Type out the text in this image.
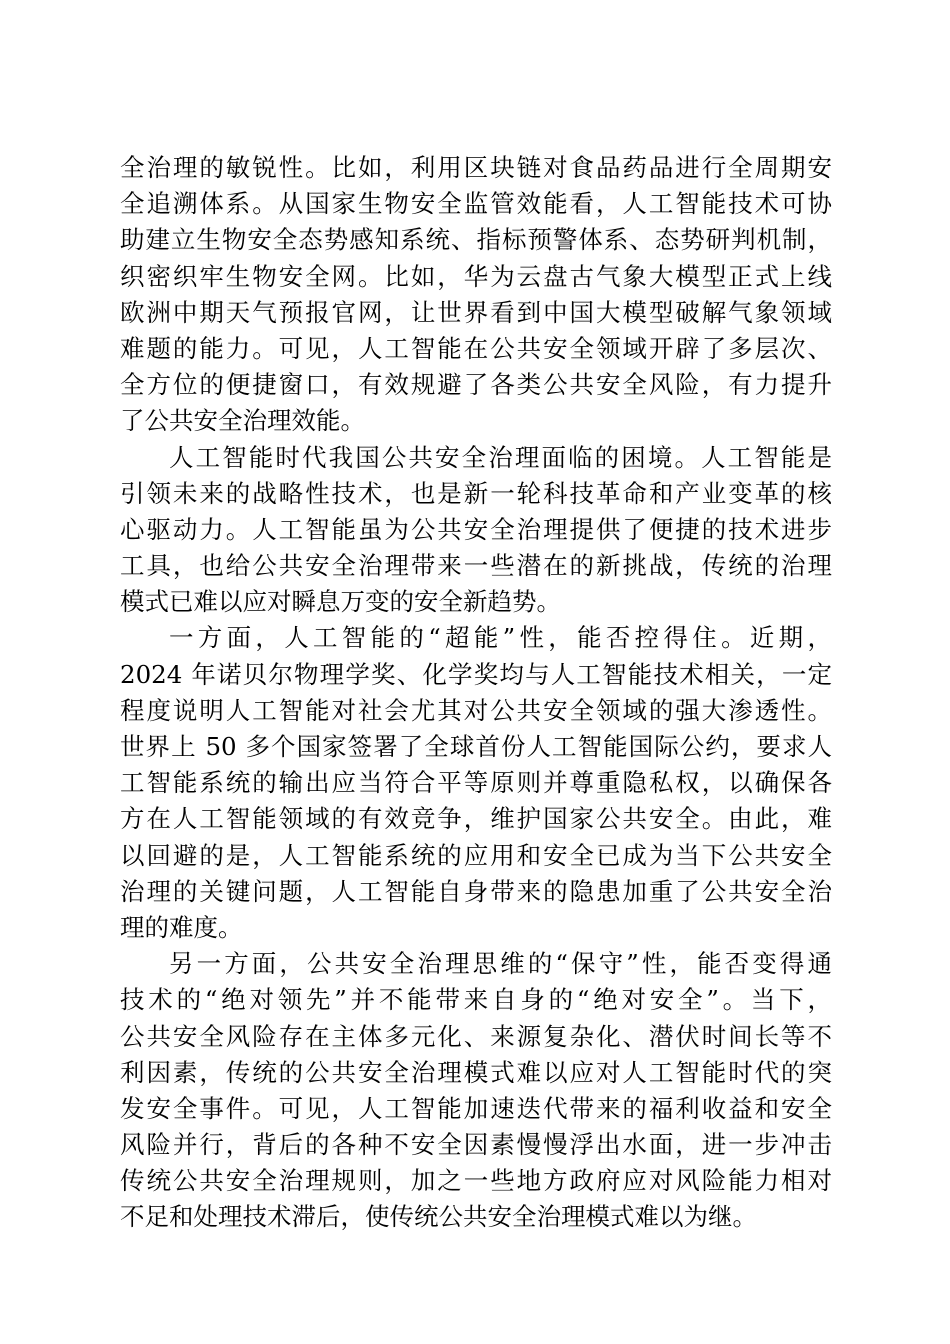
全治理的敏锐性。比如，利用区块链对食品药品进行全周期安
全追溯体系。从国家生物安全监管效能看，人工智能技术可协
助建立生物安全态势感知系统、指标预警体系、态势研判机制，
织密织牢生物安全网。比如，华为云盘古气象大模型正式上线
欧洲中期天气预报官网，让世界看到中国大模型破解气象领域
难题的能力。可见，人工智能在公共安全领域开辟了多层次、
全方位的便捷窗口，有效规避了各类公共安全风险，有力提升
了公共安全治理效能。
人工智能时代我国公共安全治理面临的困境。人工智能是
引领未来的战略性技术，也是新一轮科技革命和产业变革的核
心驱动力。人工智能虽为公共安全治理提供了便捷的技术进步
工具，也给公共安全治理带来一些潜在的新挑战，传统的治理
模式已难以应对瞬息万变的安全新趋势。
一方面，人工智能的“超能”性，能否控得住。近期，
2024 年诺贝尔物理学奖、化学奖均与人工智能技术相关，一定
程度说明人工智能对社会尤其对公共安全领域的强大渗透性。
世界上 50 多个国家签署了全球首份人工智能国际公约，要求人
工智能系统的输出应当符合平等原则并尊重隐私权，以确保各
方在人工智能领域的有效竞争，维护国家公共安全。由此，难
以回避的是，人工智能系统的应用和安全已成为当下公共安全
治理的关键问题，人工智能自身带来的隐患加重了公共安全治
理的难度。
另一方面，公共安全治理思维的“保守”性，能否变得通
技术的“绝对领先”并不能带来自身的“绝对安全”。当下，
公共安全风险存在主体多元化、来源复杂化、潜伏时间长等不
利因素，传统的公共安全治理模式难以应对人工智能时代的突
发安全事件。可见，人工智能加速迭代带来的福利收益和安全
风险并行，背后的各种不安全因素慢慢浮出水面，进一步冲击
传统公共安全治理规则，加之一些地方政府应对风险能力相对
不足和处理技术滞后，使传统公共安全治理模式难以为继。
